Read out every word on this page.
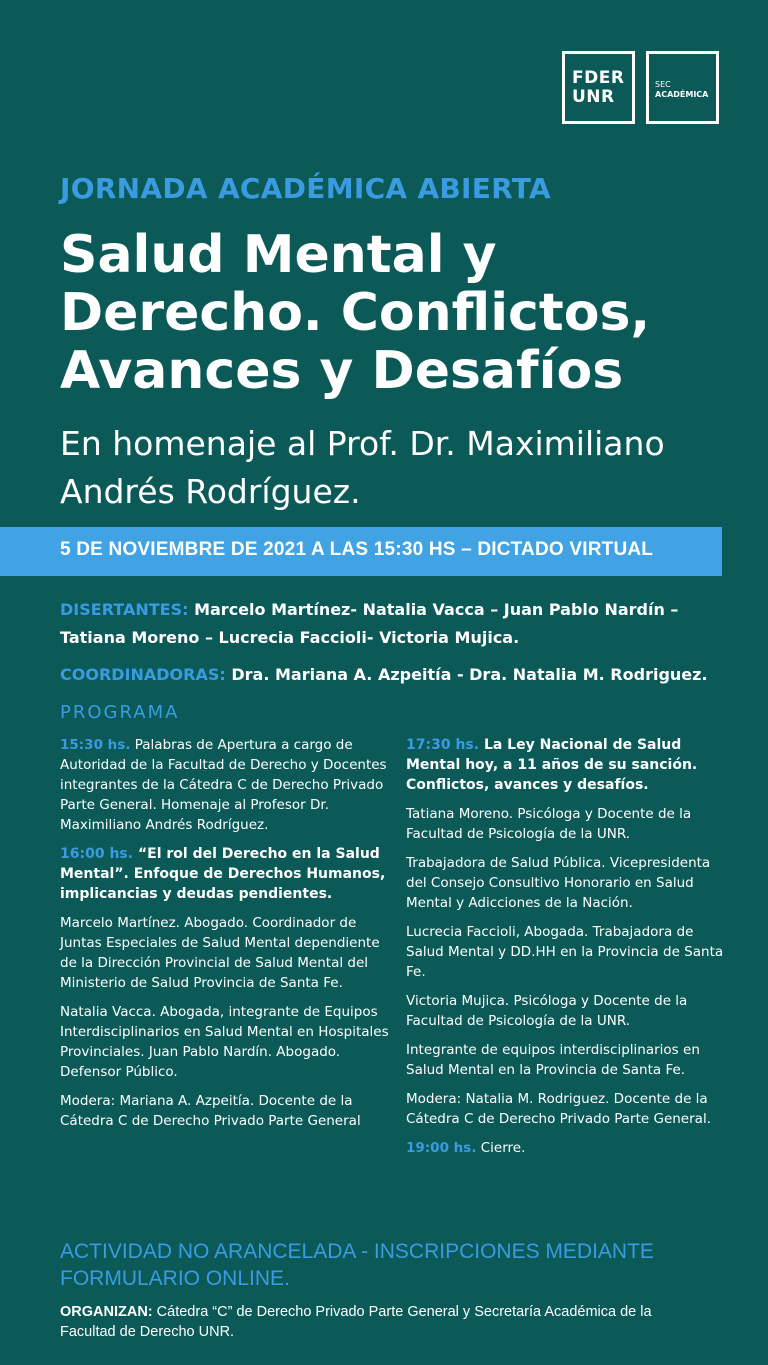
FDER
UNR
SEC
ACADÉMICA
JORNADA ACADÉMICA ABIERTA
Salud Mental y Derecho. Conflictos, Avances y Desafíos
En homenaje al Prof. Dr. Maximiliano Andrés Rodríguez.
5 DE NOVIEMBRE DE 2021 A LAS 15:30 HS – DICTADO VIRTUAL
DISERTANTES: Marcelo Martínez- Natalia Vacca – Juan Pablo Nardín – Tatiana Moreno – Lucrecia Faccioli- Victoria Mujica.
COORDINADORAS: Dra. Mariana A. Azpeitía - Dra. Natalia M. Rodriguez.
PROGRAMA

15:30 hs. Palabras de Apertura a cargo de Autoridad de la Facultad de Derecho y Docentes integrantes de la Cátedra C de Derecho Privado Parte General. Homenaje al Profesor Dr. Maximiliano Andrés Rodríguez.

16:00 hs. “El rol del Derecho en la Salud Mental”. Enfoque de Derechos Humanos, implicancias y deudas pendientes.

Marcelo Martínez. Abogado. Coordinador de Juntas Especiales de Salud Mental dependiente de la Dirección Provincial de Salud Mental del Ministerio de Salud Provincia de Santa Fe.

Natalia Vacca. Abogada, integrante de Equipos Interdisciplinarios en Salud Mental en Hospitales Provinciales. Juan Pablo Nardín. Abogado. Defensor Público.

Modera: Mariana A. Azpeitía. Docente de la Cátedra C de Derecho Privado Parte General

17:30 hs. La Ley Nacional de Salud Mental hoy, a 11 años de su sanción. Conflictos, avances y desafíos.

Tatiana Moreno. Psicóloga y Docente de la Facultad de Psicología de la UNR.

Trabajadora de Salud Pública. Vicepresidenta del Consejo Consultivo Honorario en Salud Mental y Adicciones de la Nación.

Lucrecia Faccioli, Abogada. Trabajadora de Salud Mental y DD.HH en la Provincia de Santa Fe.

Victoria Mujica. Psicóloga y Docente de la Facultad de Psicología de la UNR.

Integrante de equipos interdisciplinarios en Salud Mental en la Provincia de Santa Fe.

Modera: Natalia M. Rodriguez. Docente de la Cátedra C de Derecho Privado Parte General.

19:00 hs. Cierre.

ACTIVIDAD NO ARANCELADA - INSCRIPCIONES MEDIANTE FORMULARIO ONLINE.
ORGANIZAN: Cátedra “C” de Derecho Privado Parte General y Secretaría Académica de la Facultad de Derecho UNR.
